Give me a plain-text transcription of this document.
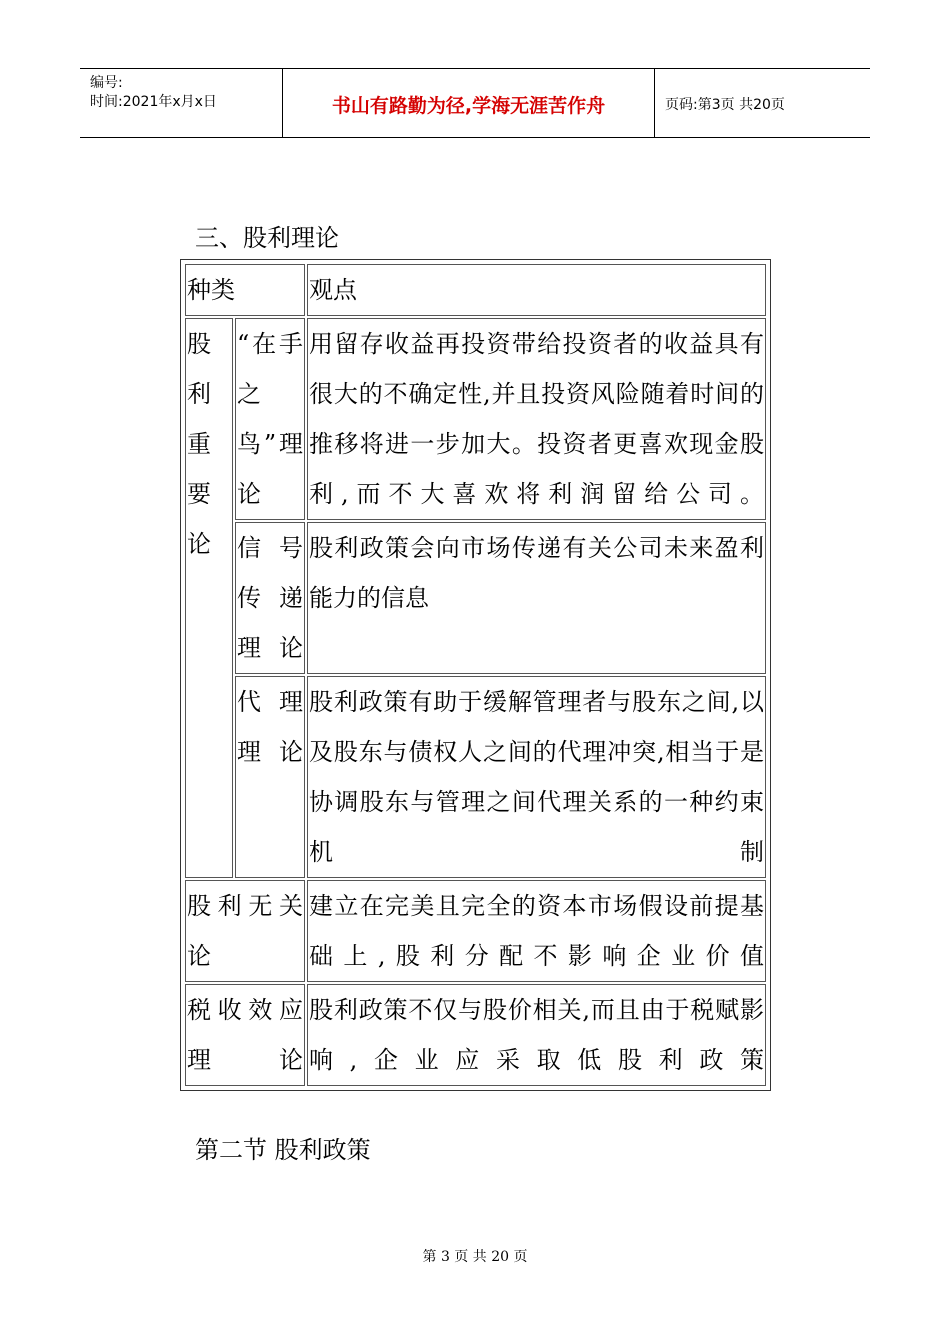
编号:
时间:2021年x月x日	书山有路勤为径,学海无涯苦作舟	页码:第3页 共20页
三、股利理论
种类		观点
股利重要论	“在手之鸟”理论	用留存收益再投资带给投资者的收益具有很大的不确定性,并且投资风险随着时间的推移将进一步加大。投资者更喜欢现金股利,而不大喜欢将利润留给公司。
	信号传递理论	股利政策会向市场传递有关公司未来盈利能力的信息
	代理理论	股利政策有助于缓解管理者与股东之间,以及股东与债权人之间的代理冲突,相当于是协调股东与管理之间代理关系的一种约束机制
股利无关论		建立在完美且完全的资本市场假设前提基础上,股利分配不影响企业价值
税收效应理论		股利政策不仅与股价相关,而且由于税赋影响,企业应采取低股利政策
第二节 股利政策
第 3 页 共 20 页
